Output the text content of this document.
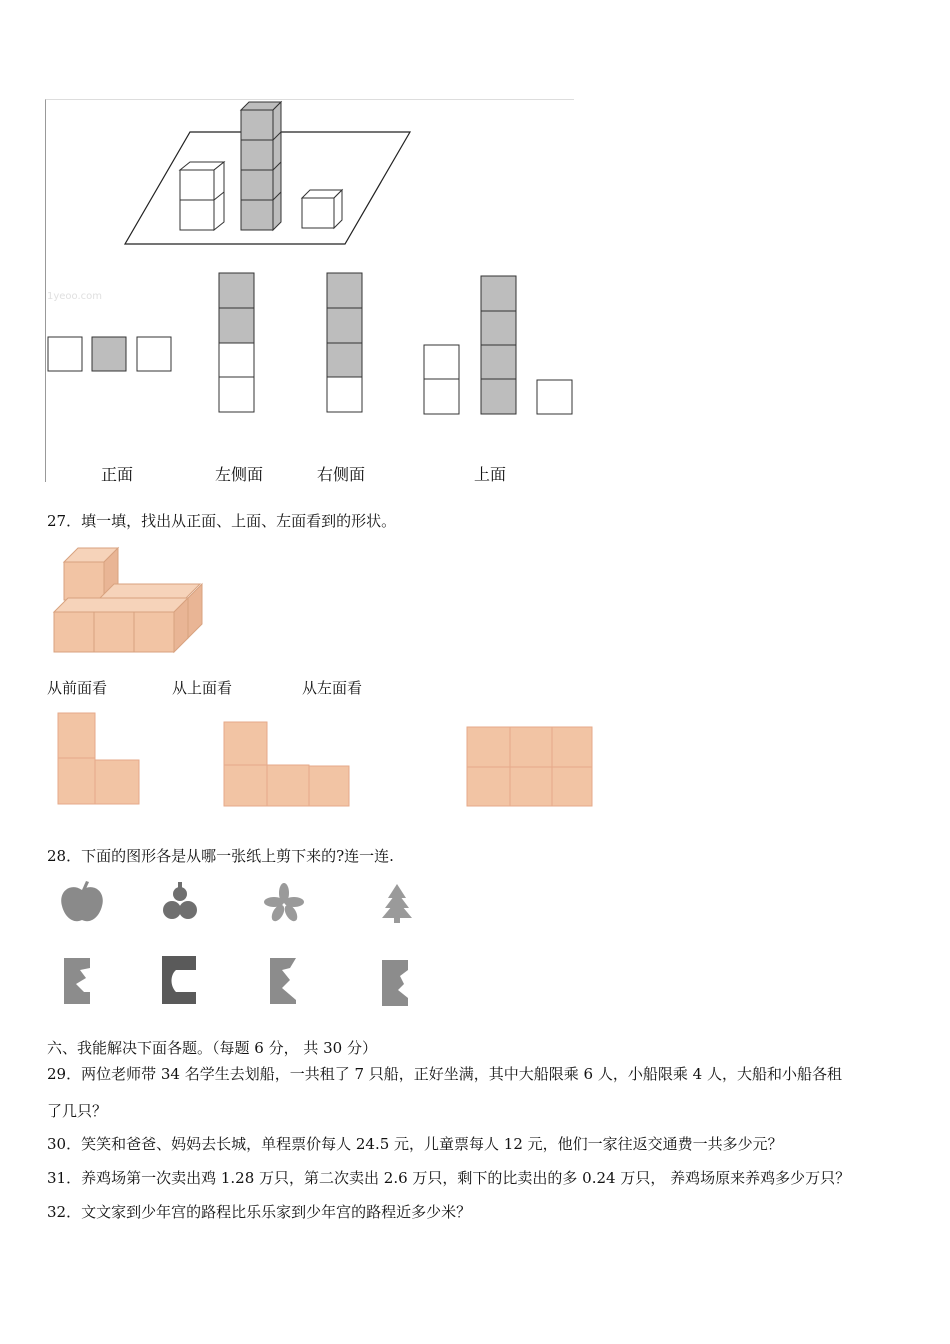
1yeoo.com
正面	左侧面	右侧面	上面
27．填一填，找出从正面、上面、左面看到的形状。
从前面看	从上面看	从左面看
28．下面的图形各是从哪一张纸上剪下来的?连一连.
六、我能解决下面各题。（每题 6 分， 共 30 分）
29．两位老师带 34 名学生去划船，一共租了 7 只船，正好坐满，其中大船限乘 6 人，小船限乘 4 人，大船和小船各租
了几只？
30．笑笑和爸爸、妈妈去长城，单程票价每人 24.5 元，儿童票每人 12 元，他们一家往返交通费一共多少元？
31．养鸡场第一次卖出鸡 1.28 万只，第二次卖出 2.6 万只，剩下的比卖出的多 0.24 万只， 养鸡场原来养鸡多少万只？
32．文文家到少年宫的路程比乐乐家到少年宫的路程近多少米？
